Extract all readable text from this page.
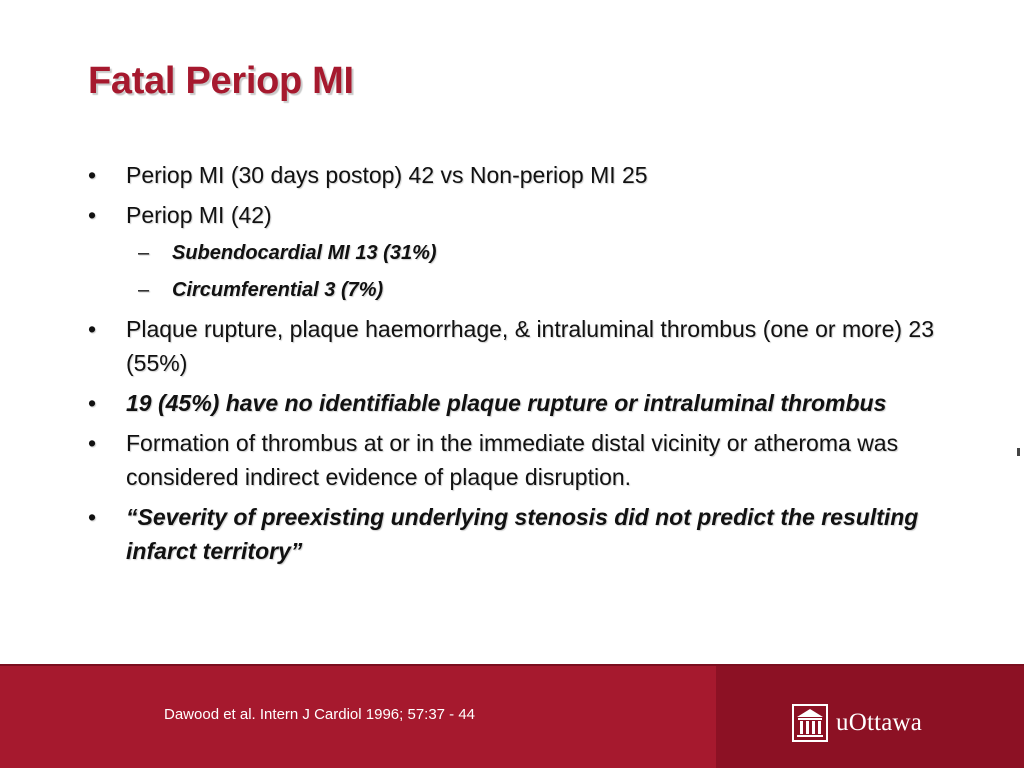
Fatal Periop MI
•	Periop MI (30 days postop) 42 vs Non-periop MI 25
•	Periop MI (42)
– Subendocardial MI 13 (31%)
– Circumferential 3 (7%)
•	Plaque rupture, plaque haemorrhage, & intraluminal thrombus (one or more) 23 (55%)
•	19 (45%) have no identifiable plaque rupture or intraluminal thrombus
•	Formation of thrombus at or in the immediate distal vicinity or atheroma was considered indirect evidence of plaque disruption.
•	“Severity of preexisting underlying stenosis did not predict the resulting infarct territory”
Dawood et al. Intern J Cardiol 1996; 57:37 - 44	uOttawa
